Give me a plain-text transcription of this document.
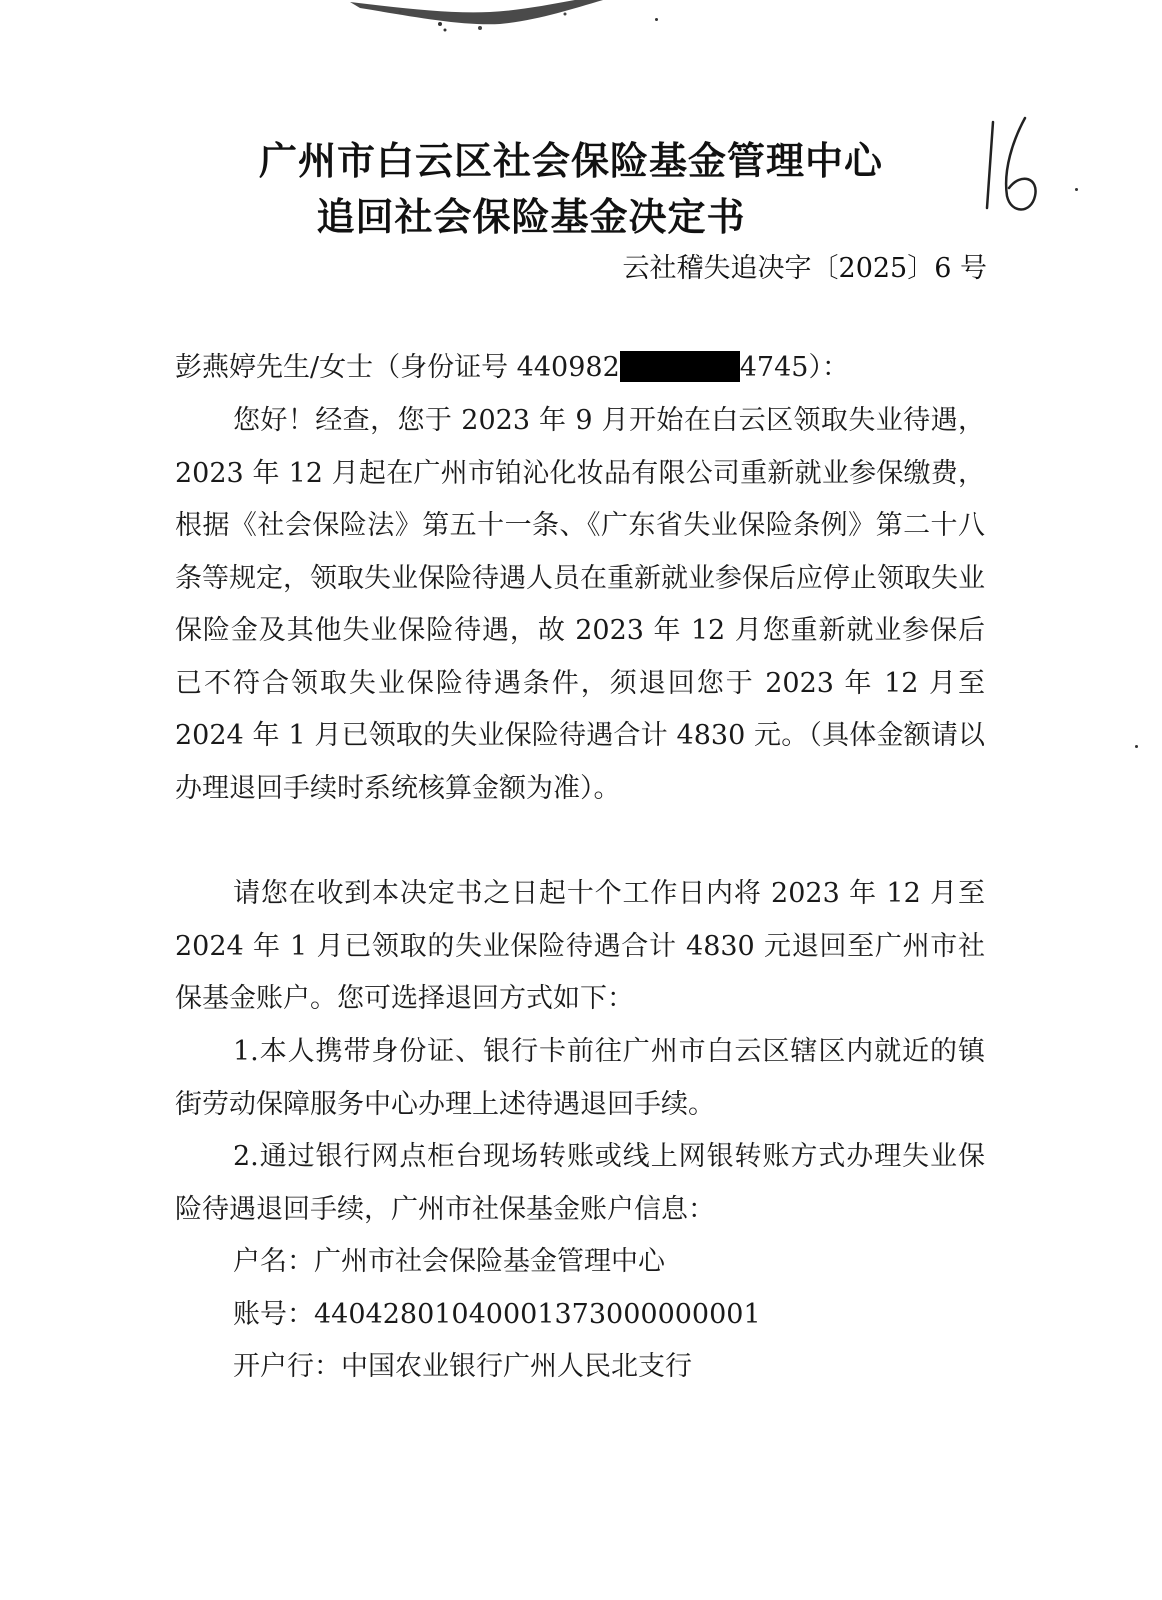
广州市白云区社会保险基金管理中心
追回社会保险基金决定书
云社稽失追决字〔2025〕6 号
彭燕婷先生/女士（身份证号 440982	4745）：
您好！经查，您于 2023 年 9 月开始在白云区领取失业待遇，2023 年 12 月起在广州市铂沁化妆品有限公司重新就业参保缴费，根据《社会保险法》第五十一条、《广东省失业保险条例》第二十八条等规定，领取失业保险待遇人员在重新就业参保后应停止领取失业保险金及其他失业保险待遇，故 2023 年 12 月您重新就业参保后已不符合领取失业保险待遇条件，须退回您于 2023 年 12 月至 2024 年 1 月已领取的失业保险待遇合计 4830 元。（具体金额请以办理退回手续时系统核算金额为准）。
请您在收到本决定书之日起十个工作日内将 2023 年 12 月至 2024 年 1 月已领取的失业保险待遇合计 4830 元退回至广州市社保基金账户。您可选择退回方式如下：
1.本人携带身份证、银行卡前往广州市白云区辖区内就近的镇街劳动保障服务中心办理上述待遇退回手续。
2.通过银行网点柜台现场转账或线上网银转账方式办理失业保险待遇退回手续，广州市社保基金账户信息：
户名：广州市社会保险基金管理中心
账号：44042801040001373000000001
开户行：中国农业银行广州人民北支行
